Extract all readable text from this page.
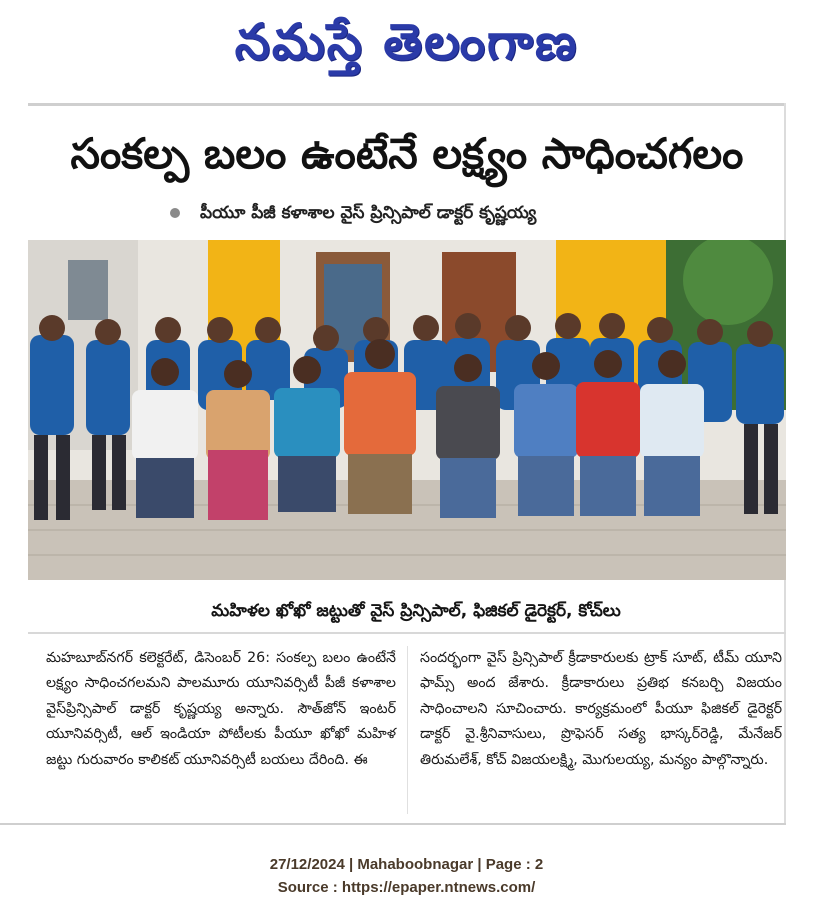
నమస్తే తెలంగాణ
సంకల్ప బలం ఉంటేనే లక్ష్యం సాధించగలం
పీయూ పీజీ కళాశాల వైస్ ప్రిన్సిపాల్ డాక్టర్ కృష్ణయ్య
మహిళల ఖోఖో జట్టుతో వైస్ ప్రిన్సిపాల్, ఫిజికల్ డైరెక్టర్, కోచ్‌లు
మహబూబ్‌నగర్ కలెక్టరేట్, డిసెంబర్ 26: సంకల్ప బలం ఉంటేనే లక్ష్యం సాధించగలమని పాలమూరు యూనివర్సిటీ పీజీ కళాశాల వైస్‌ప్రిన్సిపాల్ డాక్టర్ కృష్ణయ్య అన్నారు. సౌత్‌జోన్ ఇంటర్ యూనివర్సిటీ, ఆల్ ఇండియా పోటీలకు పీయూ ఖోఖో మహిళ జట్టు గురువారం కాలికట్ యూనివర్సిటీ బయలు దేరింది. ఈ
సందర్భంగా వైస్ ప్రిన్సిపాల్ క్రీడాకారులకు ట్రాక్ సూట్, టీమ్ యూని ఫామ్స్ అంద జేశారు. క్రీడాకారులు ప్రతిభ కనబర్చి విజయం సాధించాలని సూచించారు. కార్యక్రమంలో పీయూ ఫిజికల్ డైరెక్టర్ డాక్టర్ వై.శ్రీనివాసులు, ప్రొఫెసర్ సత్య భాస్కర్‌రెడ్డి, మేనేజర్ తిరుమలేశ్, కోచ్ విజయలక్ష్మి, మొగులయ్య, మన్యం పాల్గొన్నారు.
27/12/2024 | Mahaboobnagar | Page : 2
Source : https://epaper.ntnews.com/
